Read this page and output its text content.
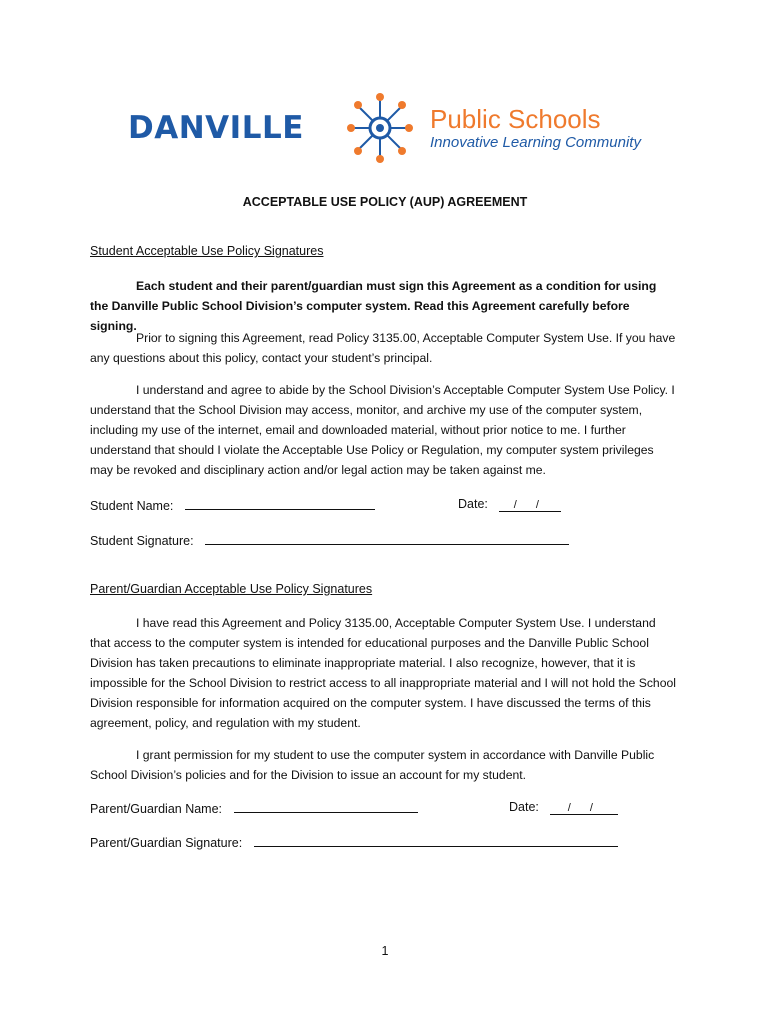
DANVILLE	Public Schools
Innovative Learning Community
ACCEPTABLE USE POLICY (AUP) AGREEMENT
Student Acceptable Use Policy Signatures
Each student and their parent/guardian must sign this Agreement as a condition for using the Danville Public School Division’s computer system. Read this Agreement carefully before signing.
Prior to signing this Agreement, read Policy 3135.00, Acceptable Computer System Use. If you have any questions about this policy, contact your student’s principal.
I understand and agree to abide by the School Division’s Acceptable Computer System Use Policy. I understand that the School Division may access, monitor, and archive my use of the computer system, including my use of the internet, email and downloaded material, without prior notice to me. I further understand that should I violate the Acceptable Use Policy or Regulation, my computer system privileges may be revoked and disciplinary action and/or legal action may be taken against me.
Student Name:	Date: / /
Student Signature:
Parent/Guardian Acceptable Use Policy Signatures
I have read this Agreement and Policy 3135.00, Acceptable Computer System Use. I understand that access to the computer system is intended for educational purposes and the Danville Public School Division has taken precautions to eliminate inappropriate material. I also recognize, however, that it is impossible for the School Division to restrict access to all inappropriate material and I will not hold the School Division responsible for information acquired on the computer system. I have discussed the terms of this agreement, policy, and regulation with my student.
I grant permission for my student to use the computer system in accordance with Danville Public School Division’s policies and for the Division to issue an account for my student.
Parent/Guardian Name:	Date:	/ /
Parent/Guardian Signature:
1
